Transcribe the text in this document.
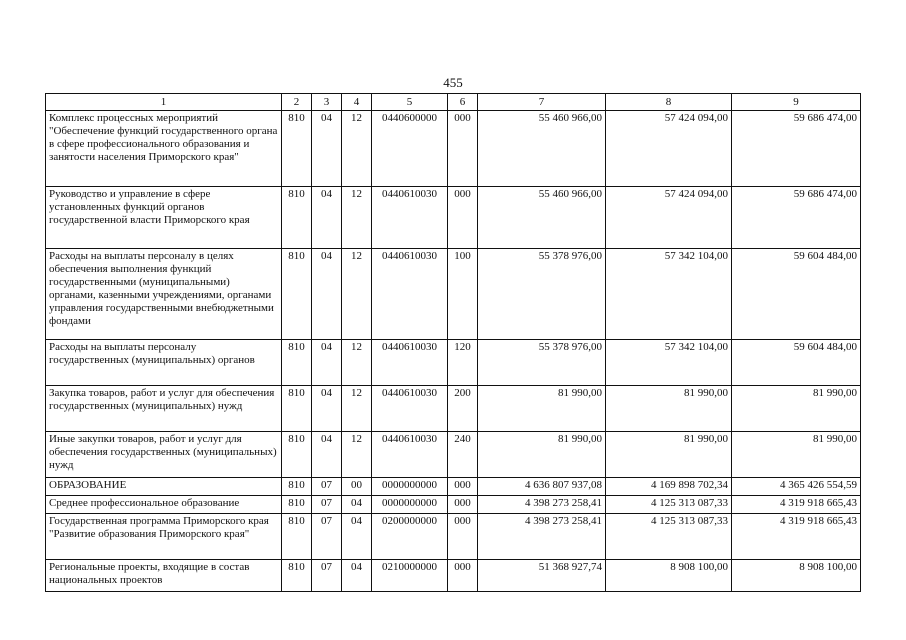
455
1	2	3	4	5	6	7	8	9
Комплекс процессных мероприятий "Обеспечение функций государственного органа в сфере профессионального образования и занятости населения Приморского края"	810	04	12	0440600000	000	55 460 966,00	57 424 094,00	59 686 474,00
Руководство и управление в сфере установленных функций органов государственной власти Приморского края	810	04	12	0440610030	000	55 460 966,00	57 424 094,00	59 686 474,00
Расходы на выплаты персоналу в целях обеспечения выполнения функций государственными (муниципальными) органами, казенными учреждениями, органами управления государственными внебюджетными фондами	810	04	12	0440610030	100	55 378 976,00	57 342 104,00	59 604 484,00
Расходы на выплаты персоналу государственных (муниципальных) органов	810	04	12	0440610030	120	55 378 976,00	57 342 104,00	59 604 484,00
Закупка товаров, работ и услуг для обеспечения государственных (муниципальных) нужд	810	04	12	0440610030	200	81 990,00	81 990,00	81 990,00
Иные закупки товаров, работ и услуг для обеспечения государственных (муниципальных) нужд	810	04	12	0440610030	240	81 990,00	81 990,00	81 990,00
ОБРАЗОВАНИЕ	810	07	00	0000000000	000	4 636 807 937,08	4 169 898 702,34	4 365 426 554,59
Среднее профессиональное образование	810	07	04	0000000000	000	4 398 273 258,41	4 125 313 087,33	4 319 918 665,43
Государственная программа Приморского края "Развитие образования Приморского края"	810	07	04	0200000000	000	4 398 273 258,41	4 125 313 087,33	4 319 918 665,43
Региональные проекты, входящие в состав национальных проектов	810	07	04	0210000000	000	51 368 927,74	8 908 100,00	8 908 100,00
